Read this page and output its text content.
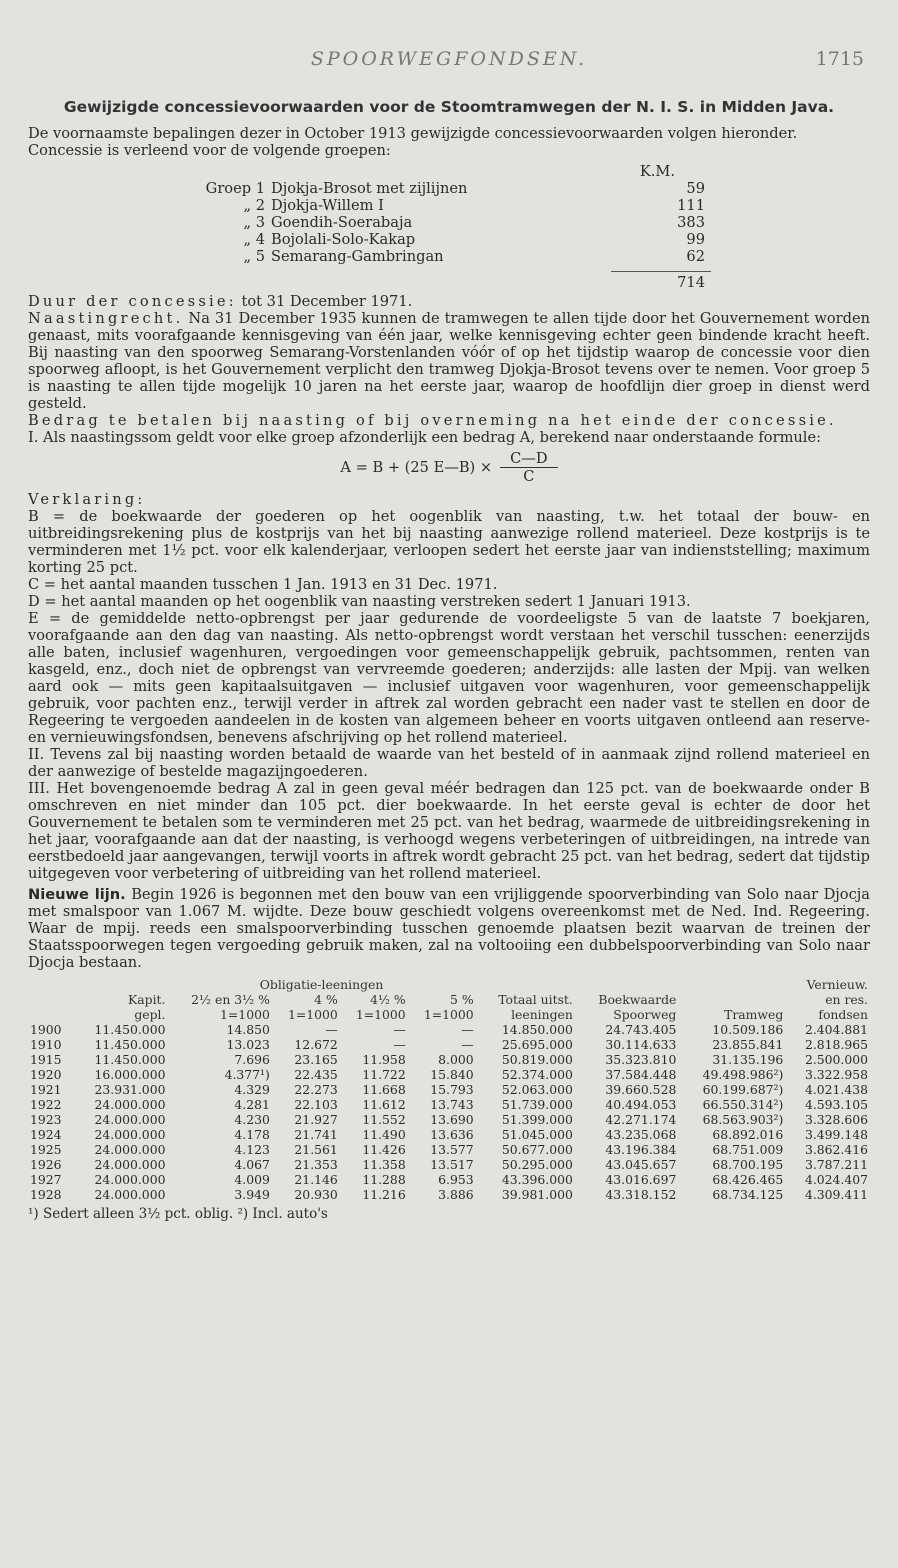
SPOORWEGFONDSEN.	1715
Gewijzigde concessievoorwaarden voor de Stoomtramwegen der N. I. S. in Midden Java.

De voornaamste bepalingen dezer in October 1913 gewijzigde concessievoorwaarden volgen hieronder.

Concessie is verleend voor de volgende groepen:

K.M.
Groep 1 Djokja-Brosot met zijlijnen	59
„ 2 Djokja-Willem I	111
„ 3 Goendih-Soerabaja	383
„ 4 Bojolali-Solo-Kakap	99
„ 5 Semarang-Gambringan	62
714

Duur der concessie: tot 31 December 1971.

Naastingrecht. Na 31 December 1935 kunnen de tramwegen te allen tijde door het Gouvernement worden genaast, mits voorafgaande kennisgeving van één jaar, welke kennisgeving echter geen bindende kracht heeft. Bij naasting van den spoorweg Semarang-Vorstenlanden vóór of op het tijdstip waarop de concessie voor dien spoorweg afloopt, is het Gouvernement verplicht den tramweg Djokja-Brosot tevens over te nemen. Voor groep 5 is naasting te allen tijde mogelijk 10 jaren na het eerste jaar, waarop de hoofdlijn dier groep in dienst werd gesteld.

Bedrag te betalen bij naasting of bij overneming na het einde der concessie.

I. Als naastingssom geldt voor elke groep afzonderlijk een bedrag A, berekend naar onderstaande formule:

A = B + (25 E—B) × $\frac{C—D}{C}$

Verklaring:

B = de boekwaarde der goederen op het oogenblik van naasting, t.w. het totaal der bouw- en uitbreidingsrekening plus de kostprijs van het bij naasting aanwezige rollend materieel. Deze kostprijs is te verminderen met 1½ pct. voor elk kalenderjaar, verloopen sedert het eerste jaar van indienststelling; maximum korting 25 pct.

C = het aantal maanden tusschen 1 Jan. 1913 en 31 Dec. 1971.

D = het aantal maanden op het oogenblik van naasting verstreken sedert 1 Januari 1913.

E = de gemiddelde netto-opbrengst per jaar gedurende de voordeeligste 5 van de laatste 7 boekjaren, voorafgaande aan den dag van naasting. Als netto-opbrengst wordt verstaan het verschil tusschen: eenerzijds alle baten, inclusief wagenhuren, vergoedingen voor gemeenschappelijk gebruik, pachtsommen, renten van kasgeld, enz., doch niet de opbrengst van vervreemde goederen; anderzijds: alle lasten der Mpij. van welken aard ook — mits geen kapitaalsuitgaven — inclusief uitgaven voor wagenhuren, voor gemeenschappelijk gebruik, voor pachten enz., terwijl verder in aftrek zal worden gebracht een nader vast te stellen en door de Regeering te vergoeden aandeelen in de kosten van algemeen beheer en voorts uitgaven ontleend aan reserve- en vernieuwingsfondsen, benevens afschrijving op het rollend materieel.

II. Tevens zal bij naasting worden betaald de waarde van het besteld of in aanmaak zijnd rollend materieel en der aanwezige of bestelde magazijngoederen.

III. Het bovengenoemde bedrag A zal in geen geval méér bedragen dan 125 pct. van de boekwaarde onder B omschreven en niet minder dan 105 pct. dier boekwaarde. In het eerste geval is echter de door het Gouvernement te betalen som te verminderen met 25 pct. van het bedrag, waarmede de uitbreidingsrekening in het jaar, voorafgaande aan dat der naasting, is verhoogd wegens verbeteringen of uitbreidingen, na intrede van eerstbedoeld jaar aangevangen, terwijl voorts in aftrek wordt gebracht 25 pct. van het bedrag, sedert dat tijdstip uitgegeven voor verbetering of uitbreiding van het rollend materieel.

Nieuwe lijn. Begin 1926 is begonnen met den bouw van een vrijliggende spoorverbinding van Solo naar Djocja met smalspoor van 1.067 M. wijdte. Deze bouw geschiedt volgens overeenkomst met de Ned. Ind. Regeering. Waar de mpij. reeds een smalspoorverbinding tusschen genoemde plaatsen bezit waarvan de treinen der Staatsspoorwegen tegen vergoeding gebruik maken, zal na voltooiing een dubbelspoorverbinding van Solo naar Djocja bestaan.

		Obligatie-leeningen							Vernieuw.
	Kapit.	2½ en 3½ %	4 %	4½ %	5 %	Totaal uitst.	Boekwaarde		en res.
	gepl.	1=1000	1=1000	1=1000	1=1000	leeningen	Spoorweg	Tramweg	fondsen
1900	11.450.000	14.850	—	—	—	14.850.000	24.743.405	10.509.186	2.404.881
1910	11.450.000	13.023	12.672	—	—	25.695.000	30.114.633	23.855.841	2.818.965
1915	11.450.000	7.696	23.165	11.958	8.000	50.819.000	35.323.810	31.135.196	2.500.000
1920	16.000.000	4.377¹)	22.435	11.722	15.840	52.374.000	37.584.448	49.498.986²)	3.322.958
1921	23.931.000	4.329	22.273	11.668	15.793	52.063.000	39.660.528	60.199.687²)	4.021.438
1922	24.000.000	4.281	22.103	11.612	13.743	51.739.000	40.494.053	66.550.314²)	4.593.105
1923	24.000.000	4.230	21.927	11.552	13.690	51.399.000	42.271.174	68.563.903²)	3.328.606
1924	24.000.000	4.178	21.741	11.490	13.636	51.045.000	43.235.068	68.892.016	3.499.148
1925	24.000.000	4.123	21.561	11.426	13.577	50.677.000	43.196.384	68.751.009	3.862.416
1926	24.000.000	4.067	21.353	11.358	13.517	50.295.000	43.045.657	68.700.195	3.787.211
1927	24.000.000	4.009	21.146	11.288	6.953	43.396.000	43.016.697	68.426.465	4.024.407
1928	24.000.000	3.949	20.930	11.216	3.886	39.981.000	43.318.152	68.734.125	4.309.411

¹) Sedert alleen 3½ pct. oblig. ²) Incl. auto's
